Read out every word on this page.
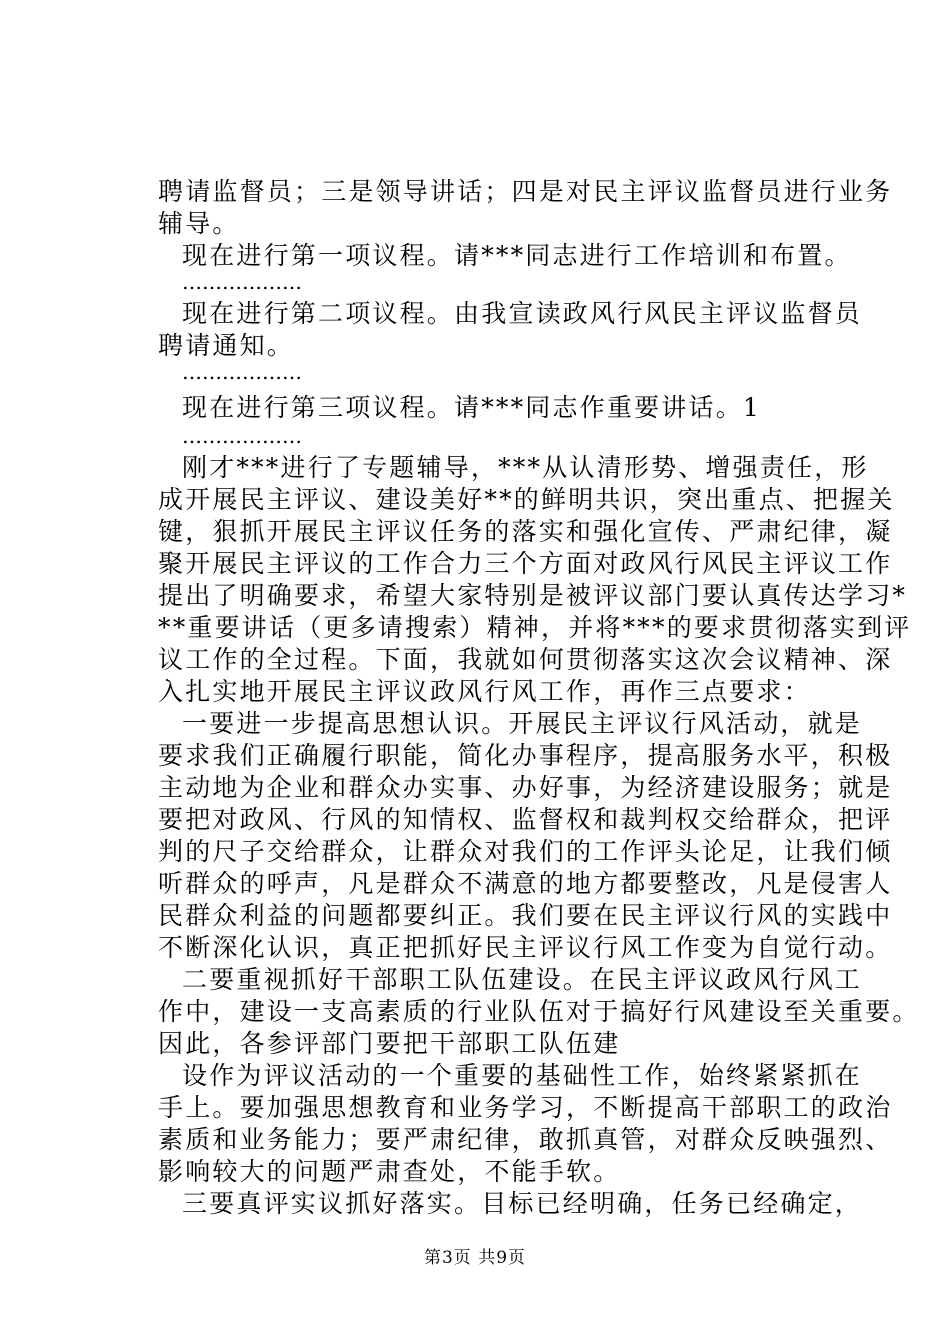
聘请监督员；三是领导讲话；四是对民主评议监督员进行业务
辅导。
现在进行第一项议程。请***同志进行工作培训和布置。
………………
现在进行第二项议程。由我宣读政风行风民主评议监督员
聘请通知。
………………
现在进行第三项议程。请***同志作重要讲话。1
………………
刚才***进行了专题辅导，***从认清形势、增强责任，形
成开展民主评议、建设美好**的鲜明共识，突出重点、把握关
键，狠抓开展民主评议任务的落实和强化宣传、严肃纪律，凝
聚开展民主评议的工作合力三个方面对政风行风民主评议工作
提出了明确要求，希望大家特别是被评议部门要认真传达学习*
**重要讲话（更多请搜索）精神，并将***的要求贯彻落实到评
议工作的全过程。下面，我就如何贯彻落实这次会议精神、深
入扎实地开展民主评议政风行风工作，再作三点要求：
一要进一步提高思想认识。开展民主评议行风活动，就是
要求我们正确履行职能，简化办事程序，提高服务水平，积极
主动地为企业和群众办实事、办好事，为经济建设服务；就是
要把对政风、行风的知情权、监督权和裁判权交给群众，把评
判的尺子交给群众，让群众对我们的工作评头论足，让我们倾
听群众的呼声，凡是群众不满意的地方都要整改，凡是侵害人
民群众利益的问题都要纠正。我们要在民主评议行风的实践中
不断深化认识，真正把抓好民主评议行风工作变为自觉行动。
二要重视抓好干部职工队伍建设。在民主评议政风行风工
作中，建设一支高素质的行业队伍对于搞好行风建设至关重要。
因此，各参评部门要把干部职工队伍建
设作为评议活动的一个重要的基础性工作，始终紧紧抓在
手上。要加强思想教育和业务学习，不断提高干部职工的政治
素质和业务能力；要严肃纪律，敢抓真管，对群众反映强烈、
影响较大的问题严肃查处，不能手软。
三要真评实议抓好落实。目标已经明确，任务已经确定，
第3页 共9页
